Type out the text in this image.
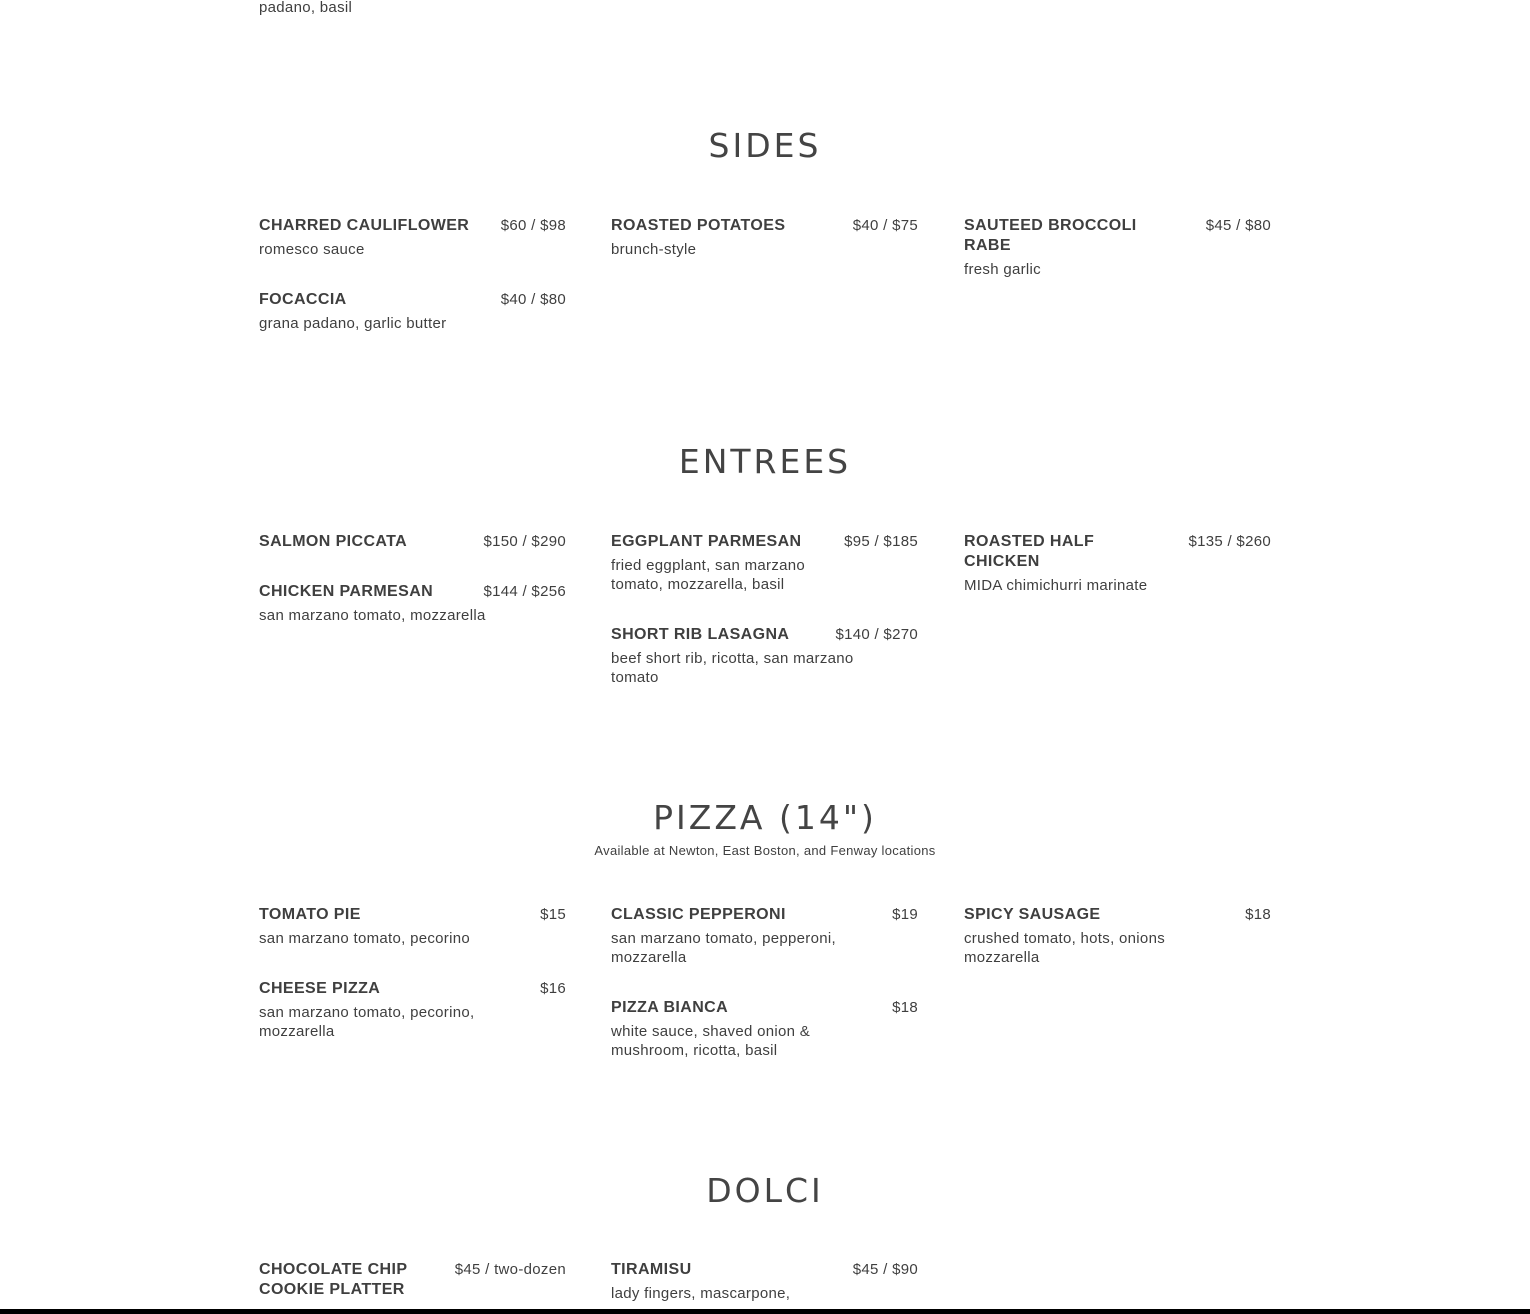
padano, basil
SIDES
CHARRED CAULIFLOWER $60 / $98
romesco sauce
FOCACCIA	$40 / $80
grana padano, garlic butter
ROASTED POTATOES	$40 / $75
brunch-style
SAUTEED BROCCOLI RABE
$45 / $80
fresh garlic
ENTREES
SALMON PICCATA	$150 / $290
CHICKEN PARMESAN	$144 / $256
san marzano tomato, mozzarella
EGGPLANT PARMESAN	$95 / $185
fried eggplant, san marzano tomato, mozzarella, basil
SHORT RIB LASAGNA	$140 / $270
beef short rib, ricotta, san marzano tomato
ROASTED HALF CHICKEN
$135 / $260
MIDA chimichurri marinate
PIZZA (14")
Available at Newton, East Boston, and Fenway locations
TOMATO PIE	$15
san marzano tomato, pecorino
CHEESE PIZZA	$16
san marzano tomato, pecorino, mozzarella
CLASSIC PEPPERONI	$19
san marzano tomato, pepperoni, mozzarella
PIZZA BIANCA	$18
white sauce, shaved onion & mushroom, ricotta, basil
SPICY SAUSAGE	$18
crushed tomato, hots, onions mozzarella
DOLCI
CHOCOLATE CHIP COOKIE PLATTER
$45 / two-dozen	TIRAMISU	$45 / $90
lady fingers, mascarpone,
